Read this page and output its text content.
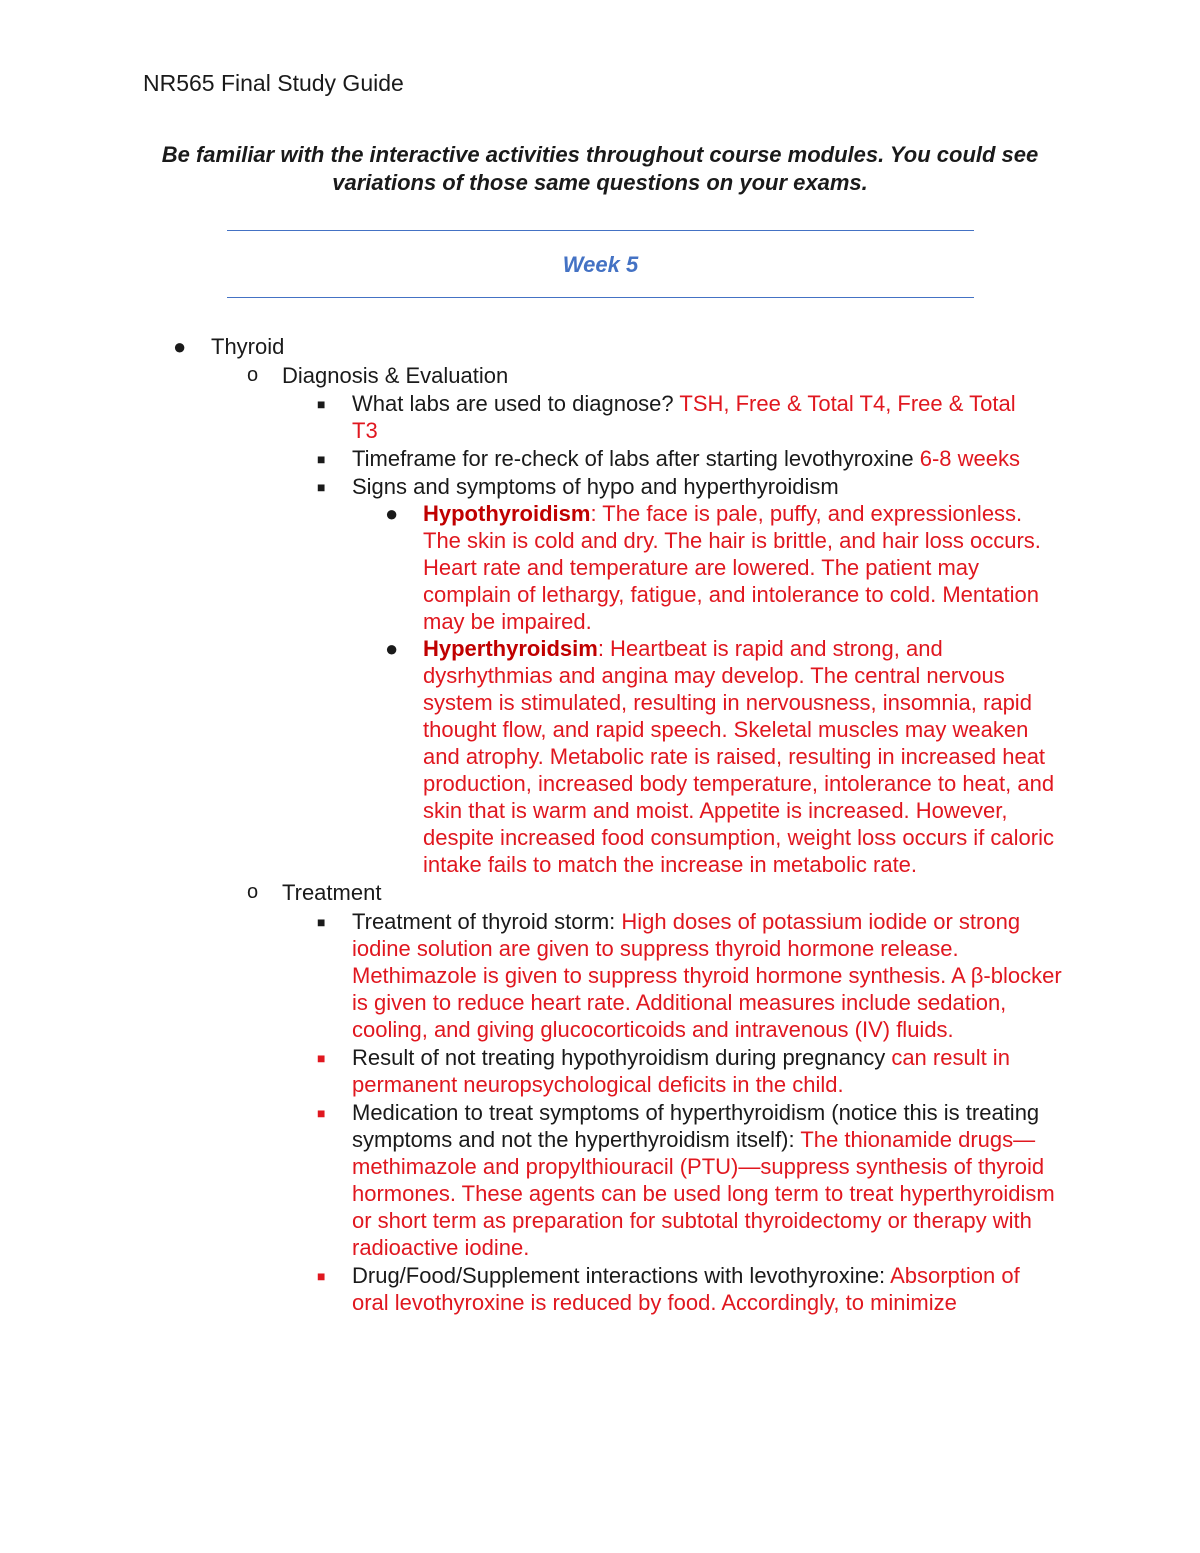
NR565 Final Study Guide
Be familiar with the interactive activities throughout course modules. You could see variations of those same questions on your exams.
Week 5
● Thyroid
o Diagnosis & Evaluation
■ What labs are used to diagnose? TSH, Free & Total T4, Free & Total T3
■ Timeframe for re-check of labs after starting levothyroxine 6-8 weeks
■ Signs and symptoms of hypo and hyperthyroidism
● Hypothyroidism: The face is pale, puffy, and expressionless. The skin is cold and dry. The hair is brittle, and hair loss occurs. Heart rate and temperature are lowered. The patient may complain of lethargy, fatigue, and intolerance to cold. Mentation may be impaired.
● Hyperthyroidsim: Heartbeat is rapid and strong, and dysrhythmias and angina may develop. The central nervous system is stimulated, resulting in nervousness, insomnia, rapid thought flow, and rapid speech. Skeletal muscles may weaken and atrophy. Metabolic rate is raised, resulting in increased heat production, increased body temperature, intolerance to heat, and skin that is warm and moist. Appetite is increased. However, despite increased food consumption, weight loss occurs if caloric intake fails to match the increase in metabolic rate.
o Treatment
■ Treatment of thyroid storm: High doses of potassium iodide or strong iodine solution are given to suppress thyroid hormone release. Methimazole is given to suppress thyroid hormone synthesis. A β-blocker is given to reduce heart rate. Additional measures include sedation, cooling, and giving glucocorticoids and intravenous (IV) fluids.
■ Result of not treating hypothyroidism during pregnancy can result in permanent neuropsychological deficits in the child.
■ Medication to treat symptoms of hyperthyroidism (notice this is treating symptoms and not the hyperthyroidism itself): The thionamide drugs—methimazole and propylthiouracil (PTU)—suppress synthesis of thyroid hormones. These agents can be used long term to treat hyperthyroidism or short term as preparation for subtotal thyroidectomy or therapy with radioactive iodine.
■ Drug/Food/Supplement interactions with levothyroxine: Absorption of oral levothyroxine is reduced by food. Accordingly, to minimize
